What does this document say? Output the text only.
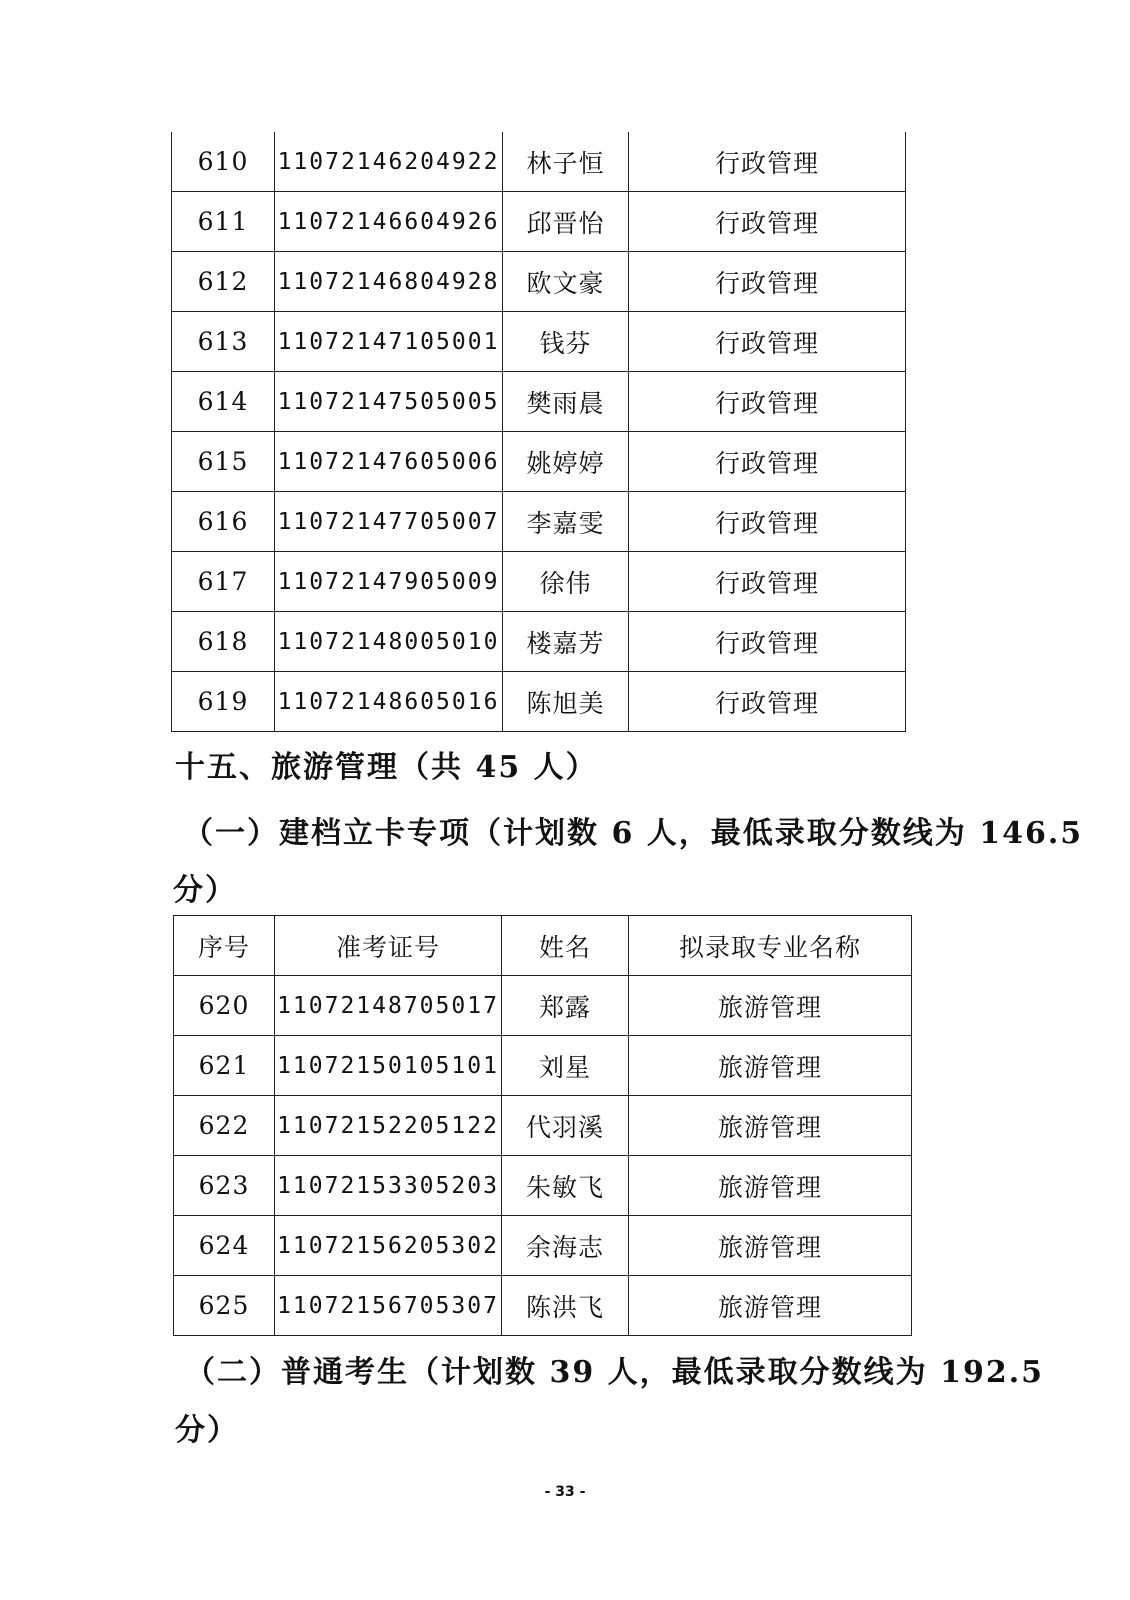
610	11072146204922	林子恒	行政管理
611	11072146604926	邱晋怡	行政管理
612	11072146804928	欧文豪	行政管理
613	11072147105001	钱芬	行政管理
614	11072147505005	樊雨晨	行政管理
615	11072147605006	姚婷婷	行政管理
616	11072147705007	李嘉雯	行政管理
617	11072147905009	徐伟	行政管理
618	11072148005010	楼嘉芳	行政管理
619	11072148605016	陈旭美	行政管理
十五、旅游管理（共 45 人）
（一）建档立卡专项（计划数 6 人，最低录取分数线为 146.5
分）
序号	准考证号	姓名	拟录取专业名称
620	11072148705017	郑露	旅游管理
621	11072150105101	刘星	旅游管理
622	11072152205122	代羽溪	旅游管理
623	11072153305203	朱敏飞	旅游管理
624	11072156205302	余海志	旅游管理
625	11072156705307	陈洪飞	旅游管理
（二）普通考生（计划数 39 人，最低录取分数线为 192.5
分）
- 33 -
